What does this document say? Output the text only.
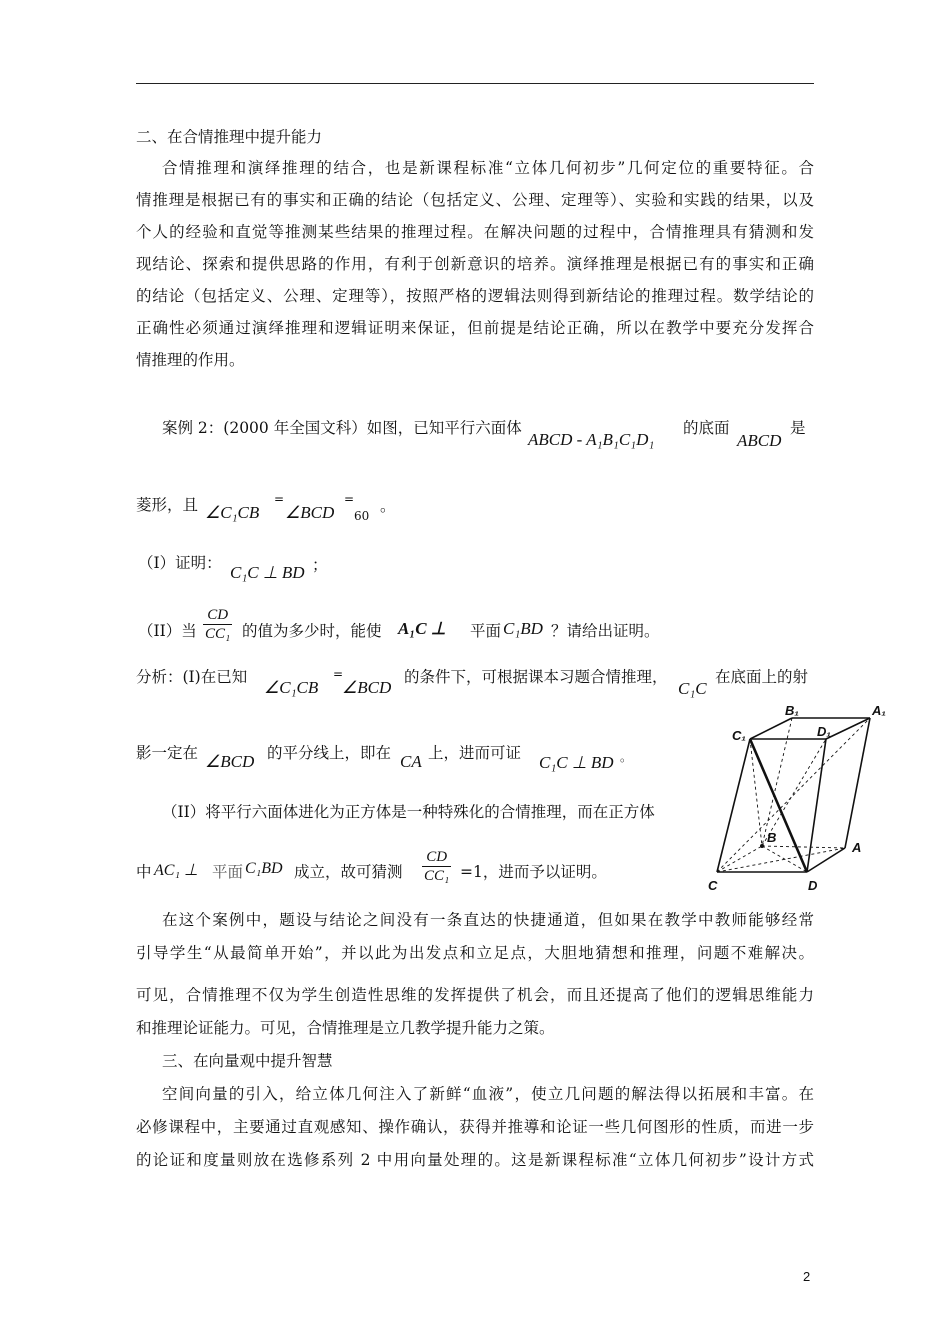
二、在合情推理中提升能力
合情推理和演绎推理的结合，也是新课程标准“立体几何初步”几何定位的重要特征。合
情推理是根据已有的事实和正确的结论（包括定义、公理、定理等）、实验和实践的结果，以及
个人的经验和直觉等推测某些结果的推理过程。在解决问题的过程中，合情推理具有猜测和发
现结论、探索和提供思路的作用，有利于创新意识的培养。演绎推理是根据已有的事实和正确
的结论（包括定义、公理、定理等），按照严格的逻辑法则得到新结论的推理过程。数学结论的
正确性必须通过演绎推理和逻辑证明来保证，但前提是结论正确，所以在教学中要充分发挥合
情推理的作用。
案例 2：(2000 年全国文科）如图，已知平行六面体
ABCD - A₁B₁C₁D₁
的底面
ABCD
是
菱形，且 ∠C₁CB
=
∠BCD
=
60
。
（I）证明： C₁C ⊥ BD ；
（II）当 $\frac{CD}{\text{CC₁}}$ 的值为多少时，能使 A₁C ⊥ 平面 C₁BD ？请给出证明。
分析：(I)在已知
∠C₁CB
=
∠BCD
的条件下，可根据课本习题合情推理，
C₁C
在底面上的射
影一定在 ∠BCD 的平分线上，即在 CA 上，进而可证 C₁C ⊥ BD 。
（II）将平行六面体进化为正方体是一种特殊化的合情推理，而在正方体
中 AC₁ ⊥ 平面 C₁BD 成立，故可猜测 $\frac{CD}{\text{CC₁}} =1$，进而予以证明。
在这个案例中，题设与结论之间没有一条直达的快捷通道，但如果在教学中教师能够经常
引导学生“从最简单开始”，并以此为出发点和立足点，大胆地猜想和推理，问题不难解决。
可见，合情推理不仅为学生创造性思维的发挥提供了机会，而且还提高了他们的逻辑思维能力
和推理论证能力。可见，合情推理是立几教学提升能力之策。
三、在向量观中提升智慧
空间向量的引入，给立体几何注入了新鲜“血液”，使立几问题的解法得以拓展和丰富。在
必修课程中，主要通过直观感知、操作确认，获得并推導和论证一些几何图形的性质，而进一步
的论证和度量则放在选修系列 2 中用向量处理的。这是新课程标准“立体几何初步”设计方式
B₁	A₁
C₁	D₁
B
A
C	D
2
